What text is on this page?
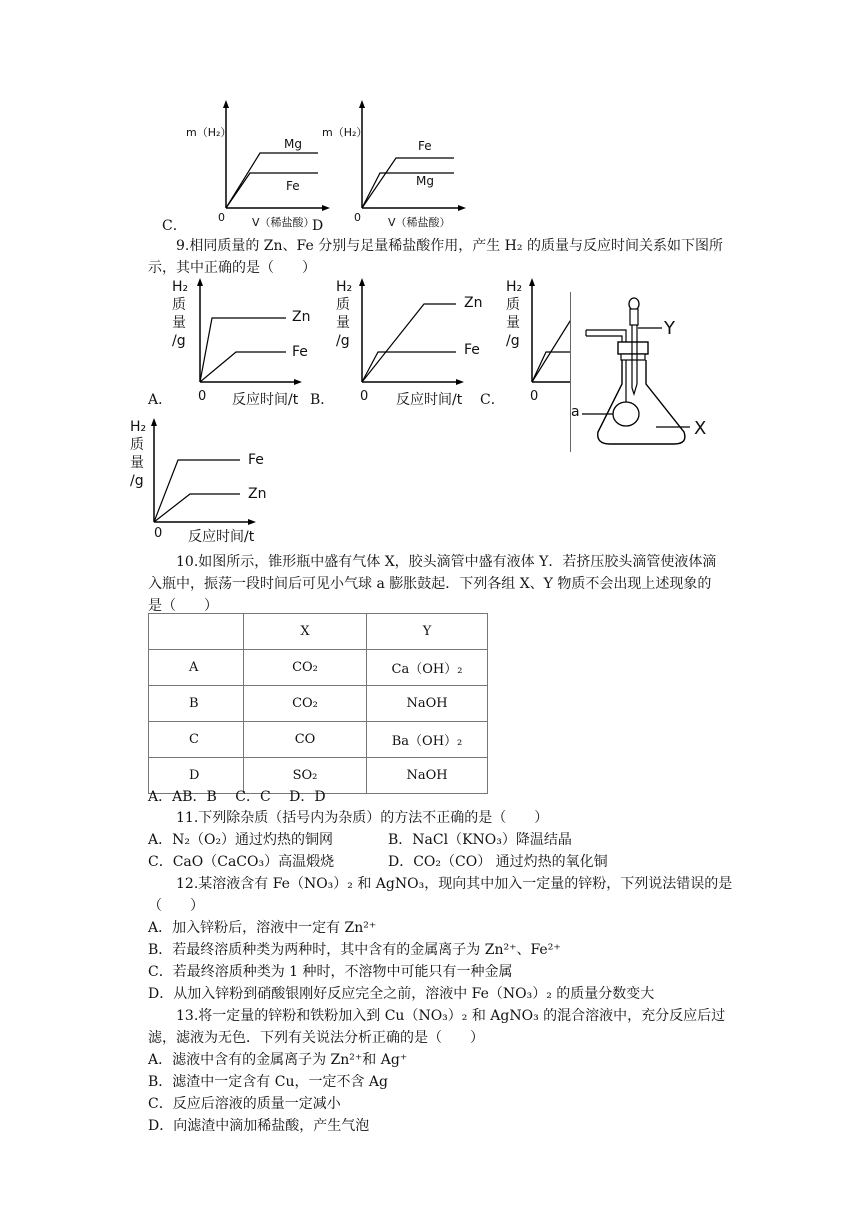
m（H₂）
Mg
Fe
0 V（稀盐酸）
C．	D
m（H₂）
Fe
Mg
0 V（稀盐酸）
9.相同质量的 Zn、Fe 分别与足量稀盐酸作用，产生 H₂ 的质量与反应时间关系如下图所
示，其中正确的是（　　）
H₂
质
量
/g
Zn
Fe
A． 0 反应时间/t
H₂
质
量
/g
Zn
Fe
B． 0 反应时间/t
H₂
质
量
/g
C． 0
Y
X
a
H₂
质
量
/g
Fe
Zn
0 反应时间/t
10.如图所示，锥形瓶中盛有气体 X，胶头滴管中盛有液体 Y．若挤压胶头滴管使液体滴
入瓶中，振荡一段时间后可见小气球 a 膨胀鼓起．下列各组 X、Y 物质不会出现上述现象的
是（　　）
	X	Y
A	CO₂	Ca（OH）₂
B	CO₂	NaOH
C	CO	Ba（OH）₂
D	SO₂	NaOH
A．AB．B　 C．C　 D．D
11.下列除杂质（括号内为杂质）的方法不正确的是（　　）
A．N₂（O₂）通过灼热的铜网	B．NaCl（KNO₃）降温结晶
C．CaO（CaCO₃）高温煅烧	D．CO₂（CO） 通过灼热的氧化铜
12.某溶液含有 Fe（NO₃）₂ 和 AgNO₃，现向其中加入一定量的锌粉，下列说法错误的是
（　　）
A．加入锌粉后，溶液中一定有 Zn²⁺
B．若最终溶质种类为两种时，其中含有的金属离子为 Zn²⁺、Fe²⁺
C．若最终溶质种类为 1 种时，不溶物中可能只有一种金属
D．从加入锌粉到硝酸银刚好反应完全之前，溶液中 Fe（NO₃）₂ 的质量分数变大
13.将一定量的锌粉和铁粉加入到 Cu（NO₃）₂ 和 AgNO₃ 的混合溶液中，充分反应后过
滤，滤液为无色．下列有关说法分析正确的是（　　）
A．滤液中含有的金属离子为 Zn²⁺和 Ag⁺
B．滤渣中一定含有 Cu，一定不含 Ag
C．反应后溶液的质量一定减小
D．向滤渣中滴加稀盐酸，产生气泡
